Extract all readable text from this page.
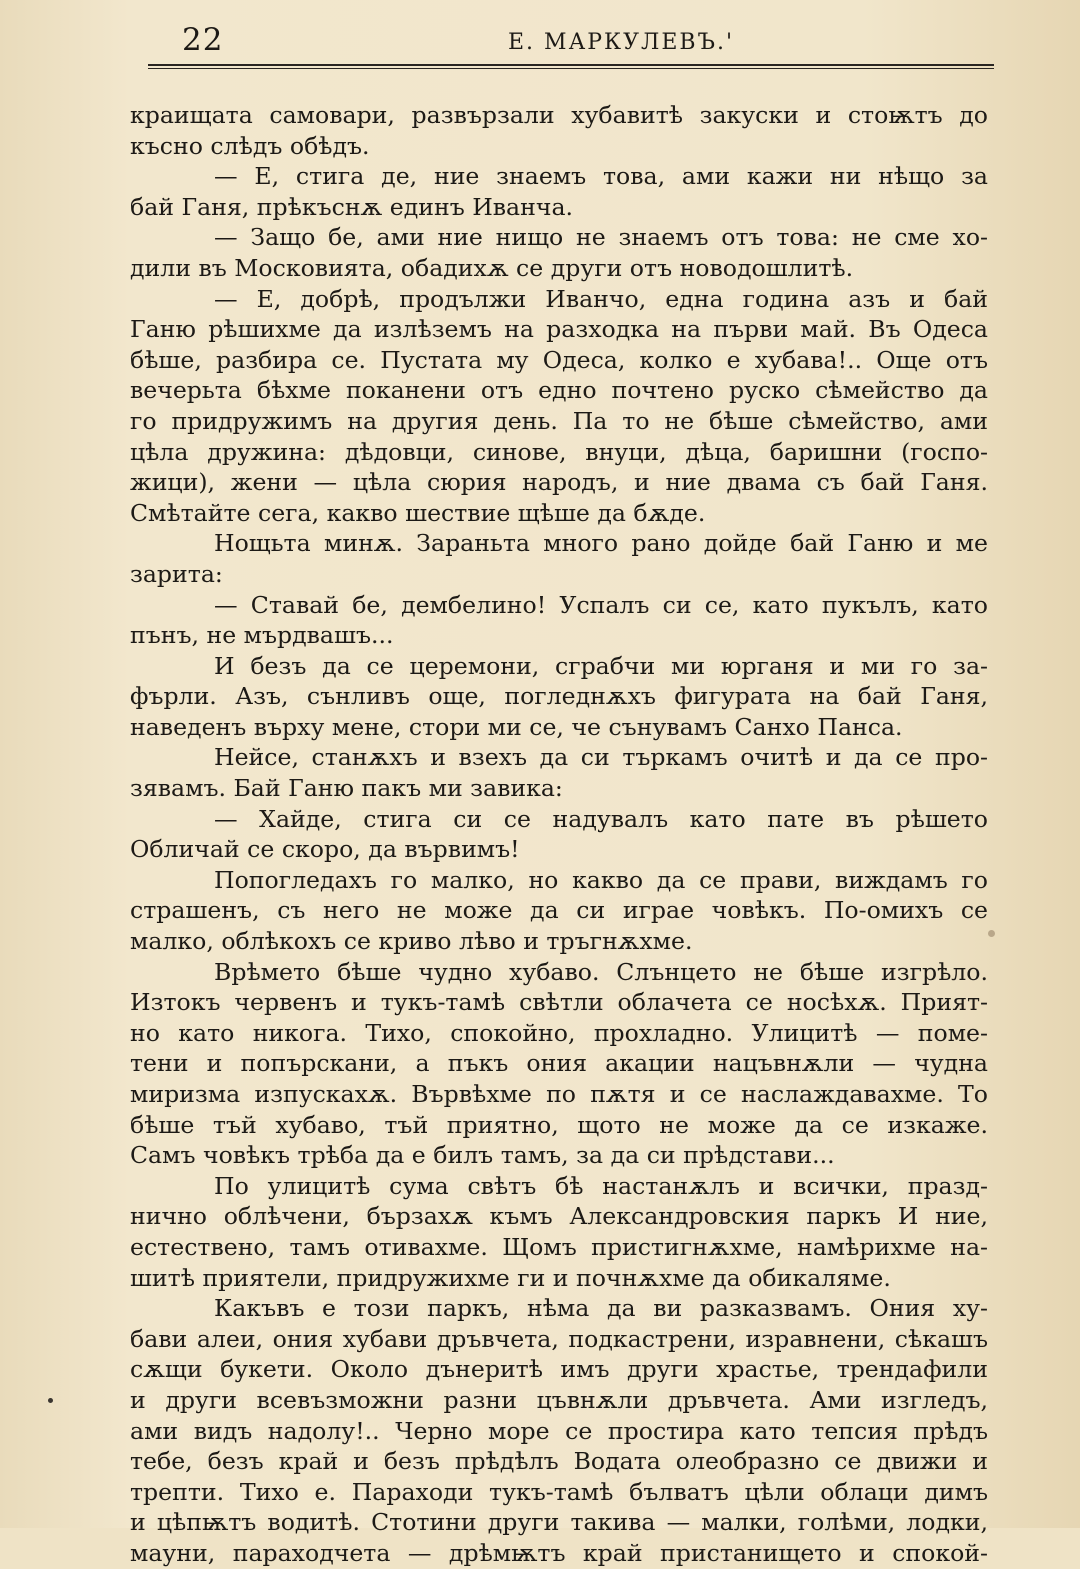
22	Е. МАРКУЛЕВЪ.'
краищата самовари, развързали хубавитѣ закуски и стоѭтъ до
късно слѣдъ обѣдъ.
— Е, стига де, ние знаемъ това, ами кажи ни нѣщо за
бай Ганя, прѣкъснѫ единъ Иванча.
— Защо бе, ами ние нищо не знаемъ отъ това: не сме хо-
дили въ Московията, обадихѫ се други отъ новодошлитѣ.
— Е, добрѣ, продължи Иванчо, една година азъ и бай
Ганю рѣшихме да излѣземъ на разходка на първи май. Въ Одеса
бѣше, разбира се. Пустата му Одеса, колко е хубава!.. Още отъ
вечерьта бѣхме поканени отъ едно почтено руско сѣмейство да
го придружимъ на другия день. Па то не бѣше сѣмейство, ами
цѣла дружина: дѣдовци, синове, внуци, дѣца, баришни (госпо-
жици), жени — цѣла сюрия народъ, и ние двама съ бай Ганя.
Смѣтайте сега, какво шествие щѣше да бѫде.
Нощьта минѫ. Зараньта много рано дойде бай Ганю и ме
зарита:
— Ставай бе, дембелино! Успалъ си се, като пукълъ, като
пънъ, не мърдвашъ...
И безъ да се церемони, сграбчи ми юрганя и ми го за-
фърли. Азъ, сънливъ още, погледнѫхъ фигурата на бай Ганя,
наведенъ върху мене, стори ми се, че сънувамъ Санхо Панса.
Нейсе, станѫхъ и взехъ да си търкамъ очитѣ и да се про-
зявамъ. Бай Ганю пакъ ми завика:
— Хайде, стига си се надувалъ като пате въ рѣшето
Обличай се скоро, да вървимъ!
Попогледахъ го малко, но какво да се прави, виждамъ го
страшенъ, съ него не може да си играе човѣкъ. По-омихъ се
малко, облѣкохъ се криво лѣво и тръгнѫхме.
Врѣмето бѣше чудно хубаво. Слънцето не бѣше изгрѣло.
Изтокъ червенъ и тукъ-тамѣ свѣтли облачета се носѣхѫ. Прият-
но като никога. Тихо, спокойно, прохладно. Улицитѣ — поме-
тени и попърскани, а пъкъ ония акации нацъвнѫли — чудна
миризма изпускахѫ. Вървѣхме по пѫтя и се наслаждавахме. То
бѣше тъй хубаво, тъй приятно, щото не може да се изкаже.
Самъ човѣкъ трѣба да е билъ тамъ, за да си прѣдстави...
По улицитѣ сума свѣтъ бѣ настанѫлъ и всички, празд-
нично облѣчени, бързахѫ къмъ Александровския паркъ И ние,
естествено, тамъ отивахме. Щомъ пристигнѫхме, намѣрихме на-
шитѣ приятели, придружихме ги и почнѫхме да обикаляме.
Какъвъ е този паркъ, нѣма да ви разказвамъ. Ония ху-
бави алеи, ония хубави дръвчета, подкастрени, изравнени, сѣкашъ
сѫщи букети. Около дънеритѣ имъ други храстье, трендафили
и други всевъзможни разни цъвнѫли дръвчета. Ами изгледъ,
ами видъ надолу!.. Черно море се простира като тепсия прѣдъ
тебе, безъ край и безъ прѣдѣлъ Водата олеобразно се движи и
трепти. Тихо е. Параходи тукъ-тамѣ бълватъ цѣли облаци димъ
и цѣпѭтъ водитѣ. Стотини други такива — малки, голѣми, лодки,
мауни, параходчета — дрѣмѭтъ край пристанището и спокой-
